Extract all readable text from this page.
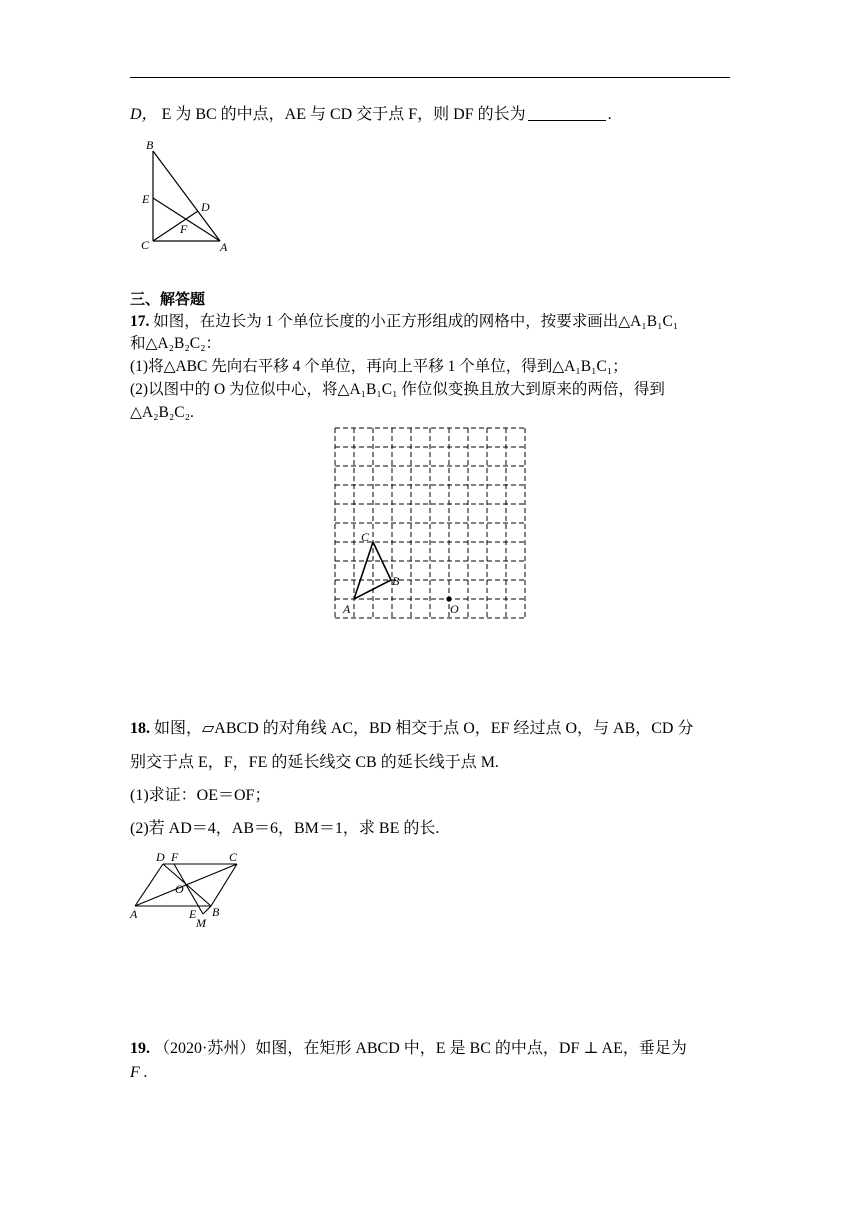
D， E 为 BC 的中点，AE 与 CD 交于点 F，则 DF 的长为	.
B
E
D
F
C	A
三、解答题
17. 如图，在边长为 1 个单位长度的小正方形组成的网格中，按要求画出△A₁B₁C₁
和△A₂B₂C₂：
(1)将△ABC 先向右平移 4 个单位，再向上平移 1 个单位，得到△A₁B₁C₁；
(2)以图中的 O 为位似中心，将△A₁B₁C₁ 作位似变换且放大到原来的两倍，得到
△A₂B₂C₂.
A
B
C
O
18. 如图，▱ABCD 的对角线 AC，BD 相交于点 O，EF 经过点 O，与 AB，CD 分
别交于点 E，F，FE 的延长线交 CB 的延长线于点 M.
(1)求证：OE＝OF；
(2)若 AD＝4，AB＝6，BM＝1，求 BE 的长.
D F	C
O
A	E B
M
19. （2020·苏州）如图，在矩形 ABCD 中，E 是 BC 的中点，DF ⊥ AE，垂足为
F .
